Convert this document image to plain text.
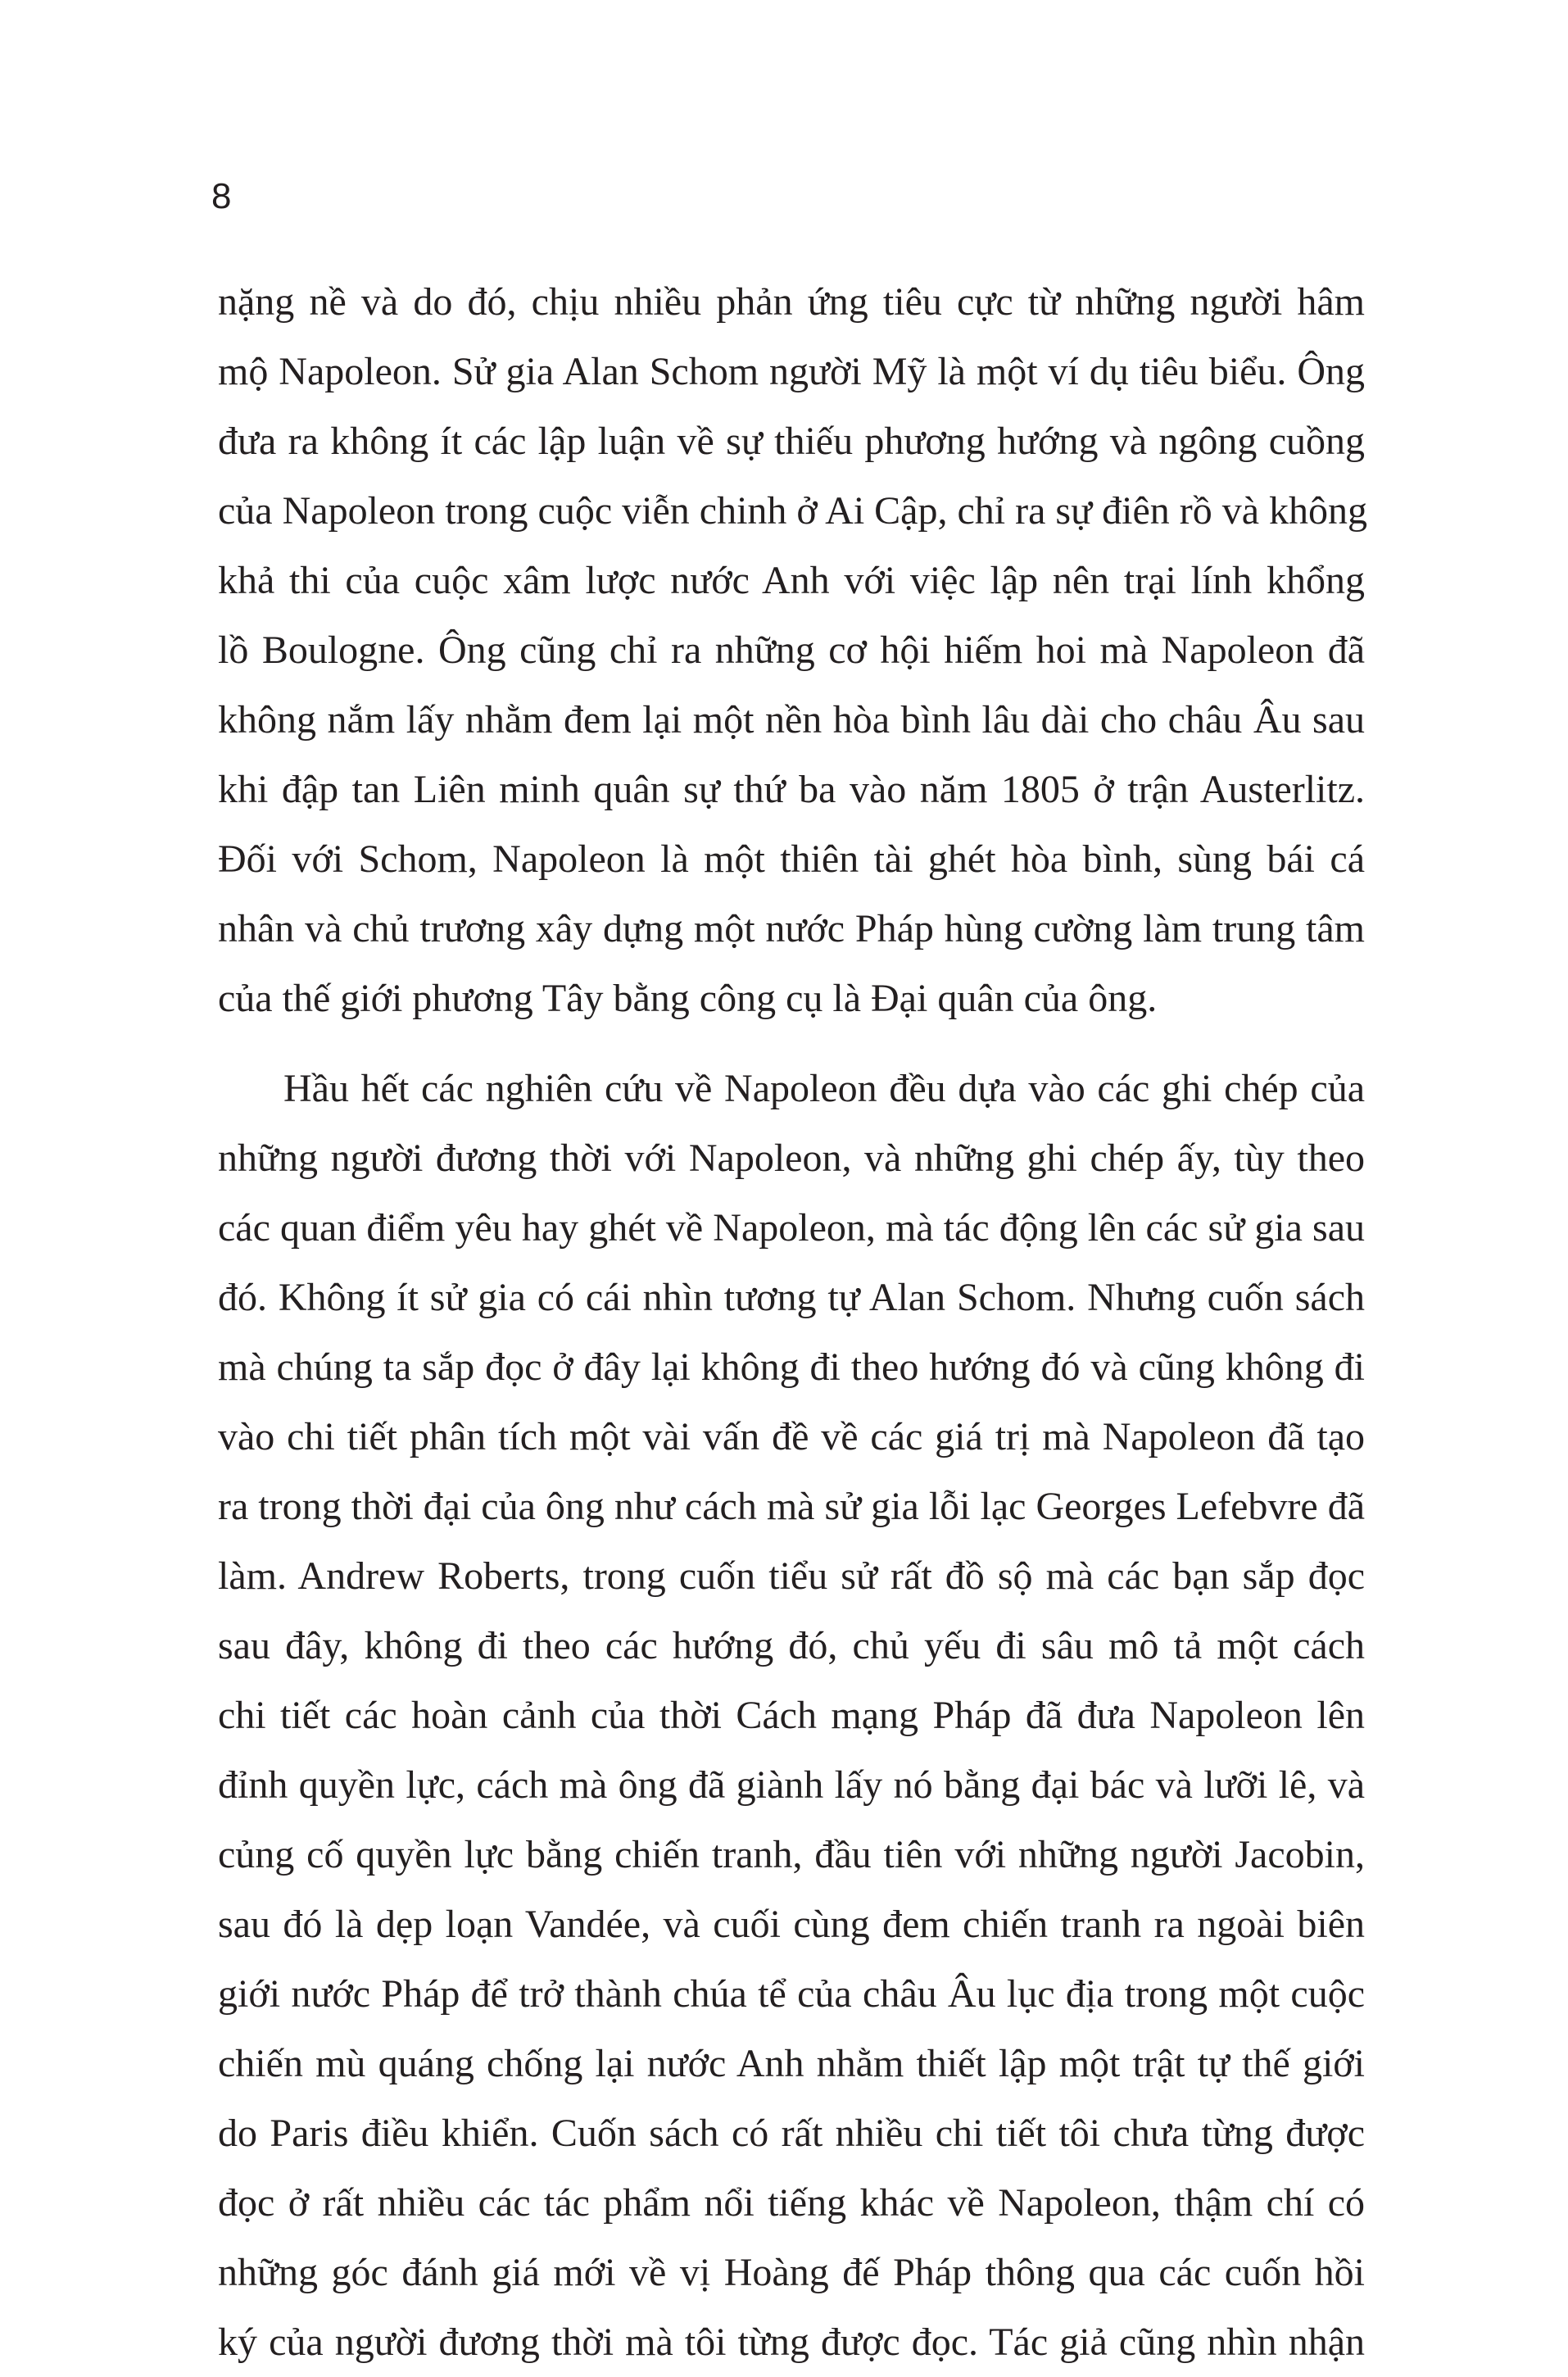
8
nặng nề và do đó, chịu nhiều phản ứng tiêu cực từ những người hâm
mộ Napoleon. Sử gia Alan Schom người Mỹ là một ví dụ tiêu biểu. Ông
đưa ra không ít các lập luận về sự thiếu phương hướng và ngông cuồng
của Napoleon trong cuộc viễn chinh ở Ai Cập, chỉ ra sự điên rồ và không
khả thi của cuộc xâm lược nước Anh với việc lập nên trại lính khổng
lồ Boulogne. Ông cũng chỉ ra những cơ hội hiếm hoi mà Napoleon đã
không nắm lấy nhằm đem lại một nền hòa bình lâu dài cho châu Âu sau
khi đập tan Liên minh quân sự thứ ba vào năm 1805 ở trận Austerlitz.
Đối với Schom, Napoleon là một thiên tài ghét hòa bình, sùng bái cá
nhân và chủ trương xây dựng một nước Pháp hùng cường làm trung tâm
của thế giới phương Tây bằng công cụ là Đại quân của ông.
Hầu hết các nghiên cứu về Napoleon đều dựa vào các ghi chép của
những người đương thời với Napoleon, và những ghi chép ấy, tùy theo
các quan điểm yêu hay ghét về Napoleon, mà tác động lên các sử gia sau
đó. Không ít sử gia có cái nhìn tương tự Alan Schom. Nhưng cuốn sách
mà chúng ta sắp đọc ở đây lại không đi theo hướng đó và cũng không đi
vào chi tiết phân tích một vài vấn đề về các giá trị mà Napoleon đã tạo
ra trong thời đại của ông như cách mà sử gia lỗi lạc Georges Lefebvre đã
làm. Andrew Roberts, trong cuốn tiểu sử rất đồ sộ mà các bạn sắp đọc
sau đây, không đi theo các hướng đó, chủ yếu đi sâu mô tả một cách
chi tiết các hoàn cảnh của thời Cách mạng Pháp đã đưa Napoleon lên
đỉnh quyền lực, cách mà ông đã giành lấy nó bằng đại bác và lưỡi lê, và
củng cố quyền lực bằng chiến tranh, đầu tiên với những người Jacobin,
sau đó là dẹp loạn Vandée, và cuối cùng đem chiến tranh ra ngoài biên
giới nước Pháp để trở thành chúa tể của châu Âu lục địa trong một cuộc
chiến mù quáng chống lại nước Anh nhằm thiết lập một trật tự thế giới
do Paris điều khiển. Cuốn sách có rất nhiều chi tiết tôi chưa từng được
đọc ở rất nhiều các tác phẩm nổi tiếng khác về Napoleon, thậm chí có
những góc đánh giá mới về vị Hoàng đế Pháp thông qua các cuốn hồi
ký của người đương thời mà tôi từng được đọc. Tác giả cũng nhìn nhận
